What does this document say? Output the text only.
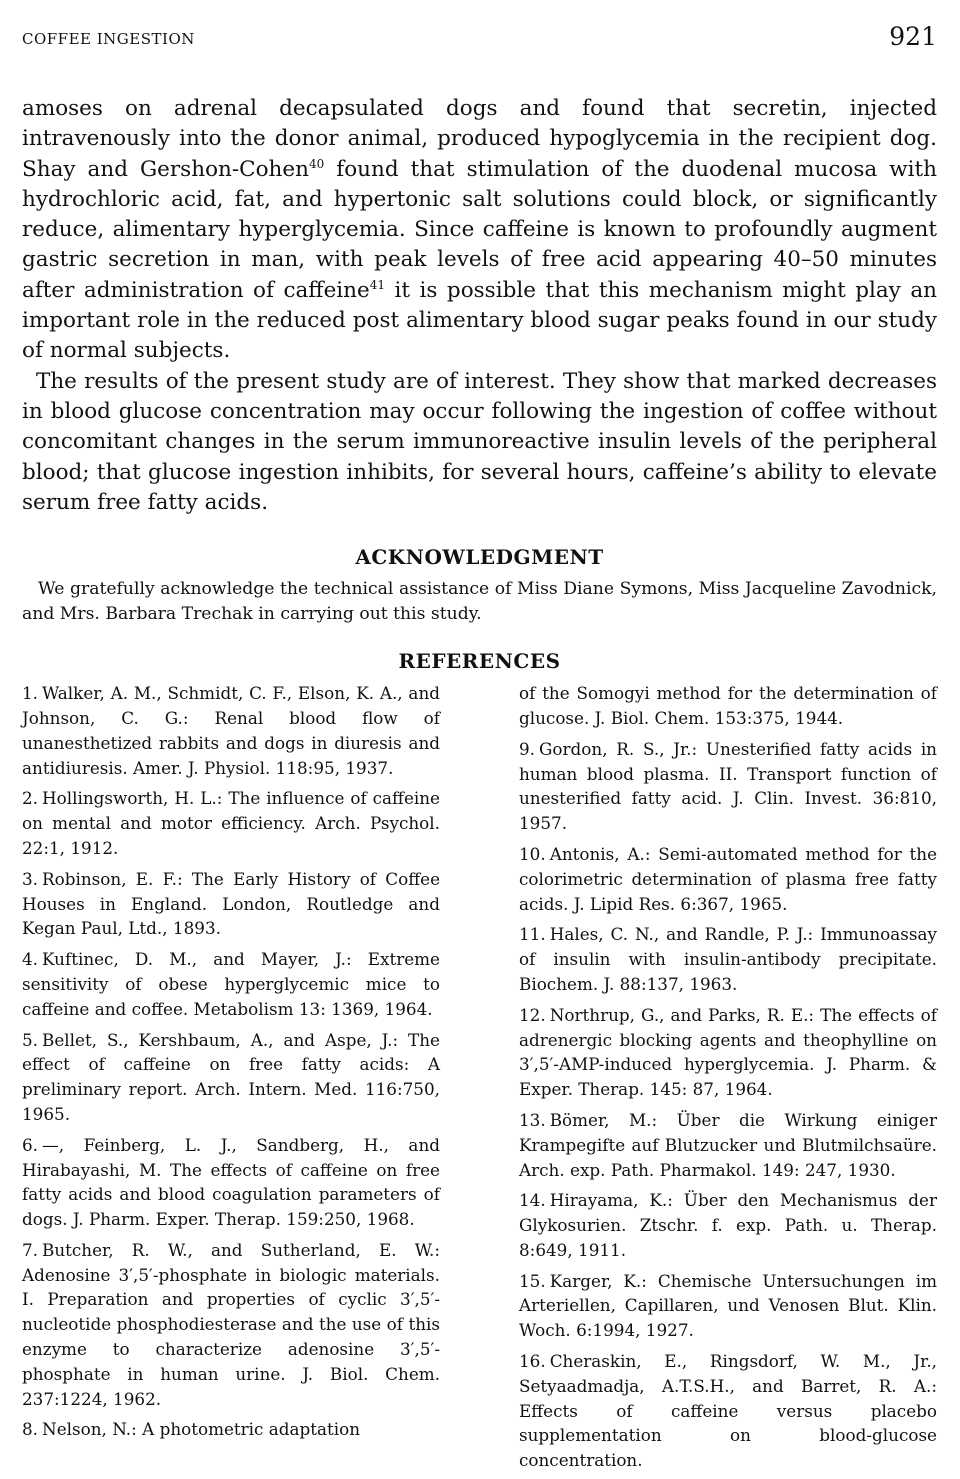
COFFEE INGESTION	921

amoses on adrenal decapsulated dogs and found that secretin, injected intravenously into the donor animal, produced hypoglycemia in the recipient dog. Shay and Gershon-Cohen$^{40}$ found that stimulation of the duodenal mucosa with hydrochloric acid, fat, and hypertonic salt solutions could block, or significantly reduce, alimentary hyperglycemia. Since caffeine is known to profoundly augment gastric secretion in man, with peak levels of free acid appearing 40–50 minutes after administration of caffeine$^{41}$ it is possible that this mechanism might play an important role in the reduced post alimentary blood sugar peaks found in our study of normal subjects.

The results of the present study are of interest. They show that marked decreases in blood glucose concentration may occur following the ingestion of coffee without concomitant changes in the serum immunoreactive insulin levels of the peripheral blood; that glucose ingestion inhibits, for several hours, caffeine’s ability to elevate serum free fatty acids.

ACKNOWLEDGMENT

We gratefully acknowledge the technical assistance of Miss Diane Symons, Miss Jacqueline Zavodnick, and Mrs. Barbara Trechak in carrying out this study.

REFERENCES

1. Walker, A. M., Schmidt, C. F., Elson, K. A., and Johnson, C. G.: Renal blood flow of unanesthetized rabbits and dogs in diuresis and antidiuresis. Amer. J. Physiol. 118:95, 1937.

2. Hollingsworth, H. L.: The influence of caffeine on mental and motor efficiency. Arch. Psychol. 22:1, 1912.

3. Robinson, E. F.: The Early History of Coffee Houses in England. London, Routledge and Kegan Paul, Ltd., 1893.

4. Kuftinec, D. M., and Mayer, J.: Extreme sensitivity of obese hyperglycemic mice to caffeine and coffee. Metabolism 13: 1369, 1964.

5. Bellet, S., Kershbaum, A., and Aspe, J.: The effect of caffeine on free fatty acids: A preliminary report. Arch. Intern. Med. 116:750, 1965.

6. —, Feinberg, L. J., Sandberg, H., and Hirabayashi, M. The effects of caffeine on free fatty acids and blood coagulation parameters of dogs. J. Pharm. Exper. Therap. 159:250, 1968.

7. Butcher, R. W., and Sutherland, E. W.: Adenosine 3′,5′-phosphate in biologic materials. I. Preparation and properties of cyclic 3′,5′-nucleotide phosphodiesterase and the use of this enzyme to characterize adenosine 3′,5′-phosphate in human urine. J. Biol. Chem. 237:1224, 1962.

8. Nelson, N.: A photometric adaptation

of the Somogyi method for the determination of glucose. J. Biol. Chem. 153:375, 1944.

9. Gordon, R. S., Jr.: Unesterified fatty acids in human blood plasma. II. Transport function of unesterified fatty acid. J. Clin. Invest. 36:810, 1957.

10. Antonis, A.: Semi-automated method for the colorimetric determination of plasma free fatty acids. J. Lipid Res. 6:367, 1965.

11. Hales, C. N., and Randle, P. J.: Immunoassay of insulin with insulin-antibody precipitate. Biochem. J. 88:137, 1963.

12. Northrup, G., and Parks, R. E.: The effects of adrenergic blocking agents and theophylline on 3′,5′-AMP-induced hyperglycemia. J. Pharm. & Exper. Therap. 145: 87, 1964.

13. Bömer, M.: Über die Wirkung einiger Krampegifte auf Blutzucker und Blutmilchsaüre. Arch. exp. Path. Pharmakol. 149: 247, 1930.

14. Hirayama, K.: Über den Mechanismus der Glykosurien. Ztschr. f. exp. Path. u. Therap. 8:649, 1911.

15. Karger, K.: Chemische Untersuchungen im Arteriellen, Capillaren, und Venosen Blut. Klin. Woch. 6:1994, 1927.

16. Cheraskin, E., Ringsdorf, W. M., Jr., Setyaadmadja, A.T.S.H., and Barret, R. A.: Effects of caffeine versus placebo supplementation on blood-glucose concentration.
